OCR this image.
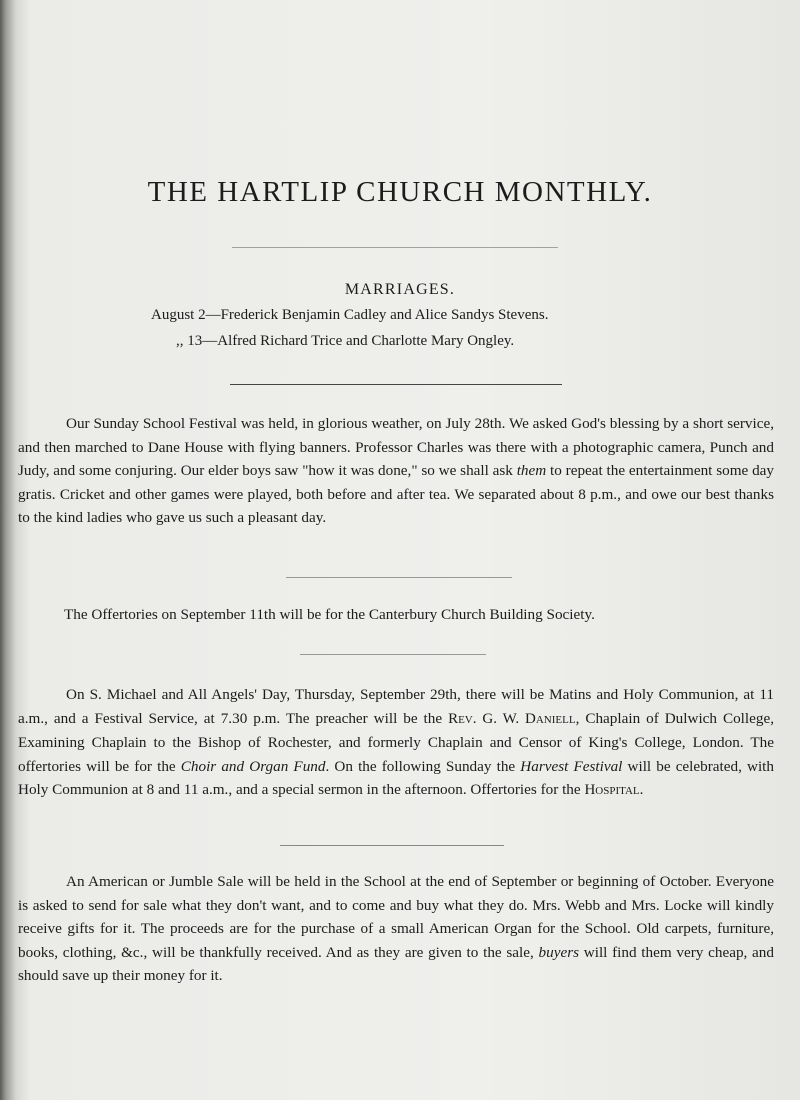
THE HARTLIP CHURCH MONTHLY.
MARRIAGES.
August 2—Frederick Benjamin Cadley and Alice Sandys Stevens.
,, 13—Alfred Richard Trice and Charlotte Mary Ongley.

Our Sunday School Festival was held, in glorious weather, on July 28th. We asked God's blessing by a short service, and then marched to Dane House with flying banners. Professor Charles was there with a photographic camera, Punch and Judy, and some conjuring. Our elder boys saw "how it was done," so we shall ask them to repeat the entertainment some day gratis. Cricket and other games were played, both before and after tea. We separated about 8 p.m., and owe our best thanks to the kind ladies who gave us such a pleasant day.

The Offertories on September 11th will be for the Canterbury Church Building Society.

On S. Michael and All Angels' Day, Thursday, September 29th, there will be Matins and Holy Communion, at 11 a.m., and a Festival Service, at 7.30 p.m. The preacher will be the Rev. G. W. Daniell, Chaplain of Dulwich College, Examining Chaplain to the Bishop of Rochester, and formerly Chaplain and Censor of King's College, London. The offertories will be for the Choir and Organ Fund. On the following Sunday the Harvest Festival will be celebrated, with Holy Communion at 8 and 11 a.m., and a special sermon in the afternoon. Offertories for the Hospital.

An American or Jumble Sale will be held in the School at the end of September or beginning of October. Everyone is asked to send for sale what they don't want, and to come and buy what they do. Mrs. Webb and Mrs. Locke will kindly receive gifts for it. The proceeds are for the purchase of a small American Organ for the School. Old carpets, furniture, books, clothing, &c., will be thankfully received. And as they are given to the sale, buyers will find them very cheap, and should save up their money for it.
